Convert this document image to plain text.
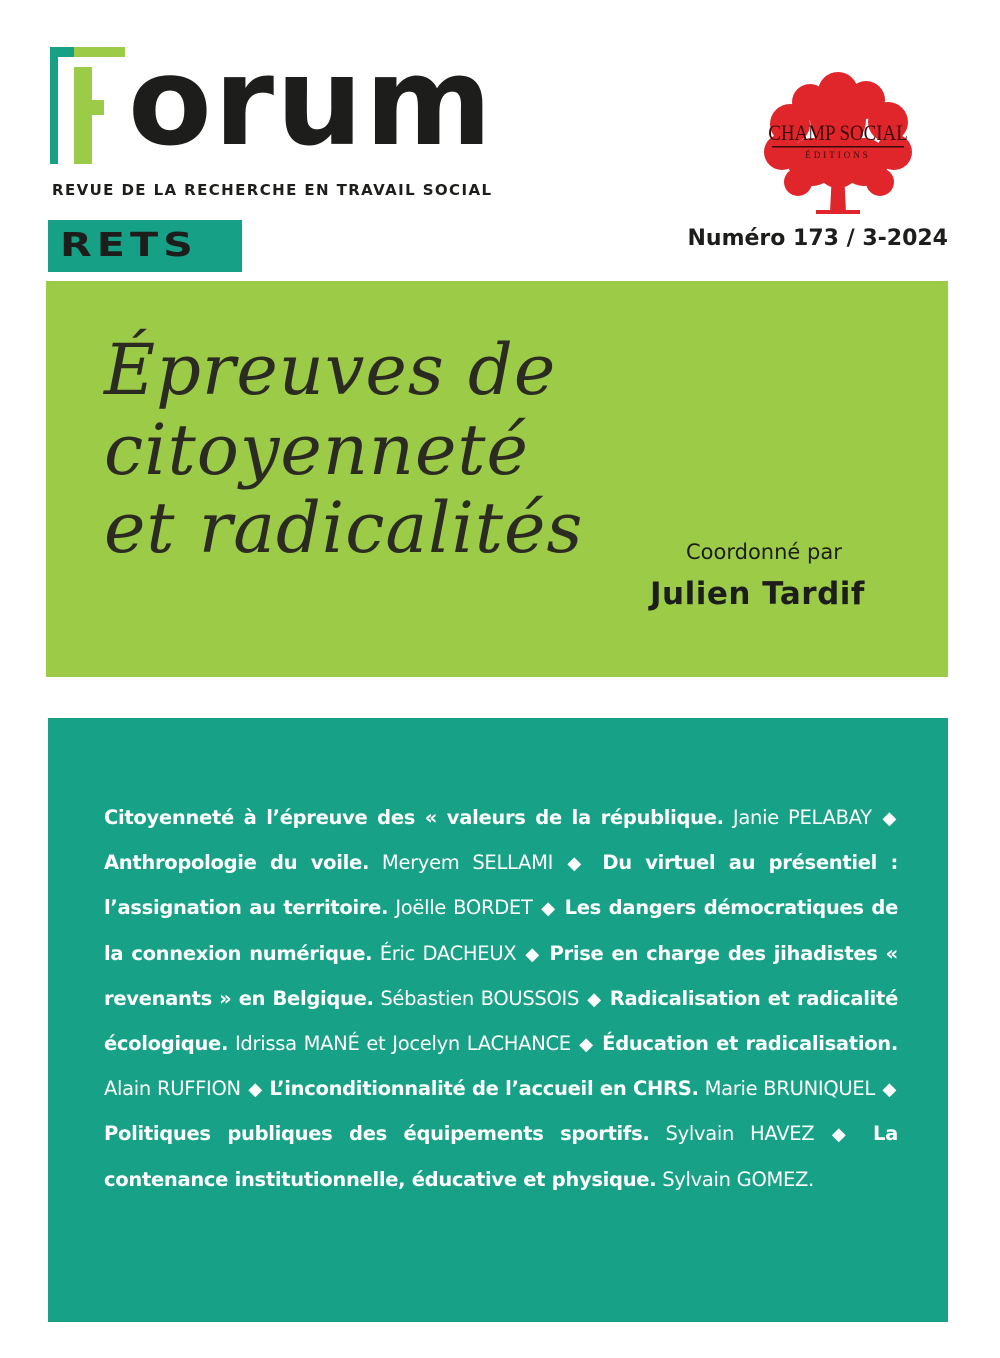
orum
REVUE DE LA RECHERCHE EN TRAVAIL SOCIAL
RETS	Numéro 173 / 3-2024
CHAMP SOCIAL
ÉDITIONS
Épreuves de
citoyenneté
et radicalités	Coordonné par
Julien Tardif
Citoyenneté à l’épreuve des « valeurs de la république. Janie PELABAY ◆ Anthropologie du voile. Meryem SELLAMI ◆ Du virtuel au présentiel : l’assignation au territoire. Joëlle BORDET ◆ Les dangers démocratiques de la connexion numérique. Éric DACHEUX ◆ Prise en charge des jihadistes « revenants » en Belgique. Sébastien BOUSSOIS ◆ Radicalisation et radicalité écologique. Idrissa MANÉ et Jocelyn LACHANCE ◆ Éducation et radicalisation. Alain RUFFION ◆ L’inconditionnalité de l’accueil en CHRS. Marie BRUNIQUEL ◆ Politiques publiques des équipements sportifs. Sylvain HAVEZ ◆ La contenance institutionnelle, éducative et physique. Sylvain GOMEZ.
